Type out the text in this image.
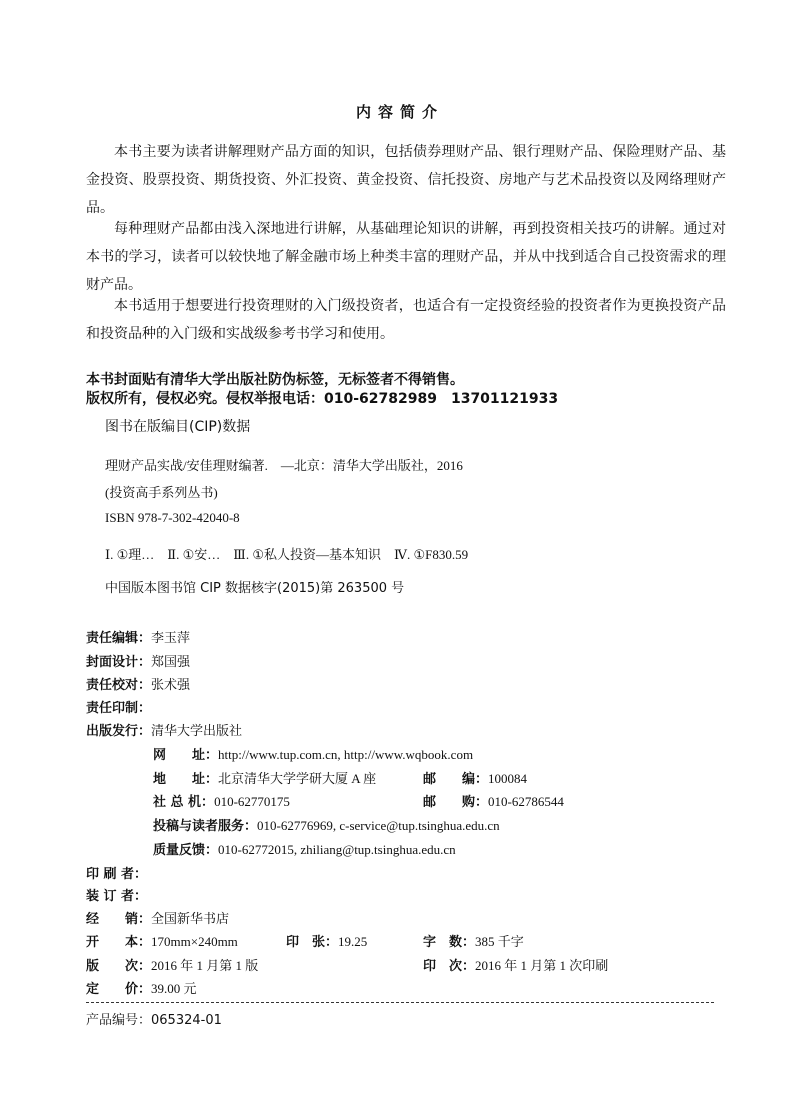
内容简介

本书主要为读者讲解理财产品方面的知识，包括债券理财产品、银行理财产品、保险理财产品、基金投资、股票投资、期货投资、外汇投资、黄金投资、信托投资、房地产与艺术品投资以及网络理财产品。

每种理财产品都由浅入深地进行讲解，从基础理论知识的讲解，再到投资相关技巧的讲解。通过对本书的学习，读者可以较快地了解金融市场上种类丰富的理财产品，并从中找到适合自己投资需求的理财产品。

本书适用于想要进行投资理财的入门级投资者，也适合有一定投资经验的投资者作为更换投资产品和投资品种的入门级和实战级参考书学习和使用。

本书封面贴有清华大学出版社防伪标签，无标签者不得销售。
版权所有，侵权必究。侵权举报电话：010-62782989　13701121933
图书在版编目(CIP)数据
理财产品实战/安佳理财编著.　—北京：清华大学出版社，2016
(投资高手系列丛书)
ISBN 978-7-302-42040-8
Ⅰ. ①理…　Ⅱ. ①安…　Ⅲ. ①私人投资—基本知识　Ⅳ. ①F830.59
中国版本图书馆 CIP 数据核字(2015)第 263500 号
责任编辑：李玉萍
封面设计：郑国强
责任校对：张术强
责任印制：
出版发行：清华大学出版社
网　　址：http://www.tup.com.cn, http://www.wqbook.com
地　　址：北京清华大学学研大厦 A 座	邮　　编：100084
社 总 机：010-62770175	邮　　购：010-62786544
投稿与读者服务：010-62776969, c-service@tup.tsinghua.edu.cn
质量反馈：010-62772015, zhiliang@tup.tsinghua.edu.cn
印 刷 者：
装 订 者：
经　　销：全国新华书店
开　　本：170mm×240mm	印　张：19.25	字　数：385 千字
版　　次：2016 年 1 月第 1 版	印　次：2016 年 1 月第 1 次印刷
定　　价：39.00 元
产品编号：065324-01
